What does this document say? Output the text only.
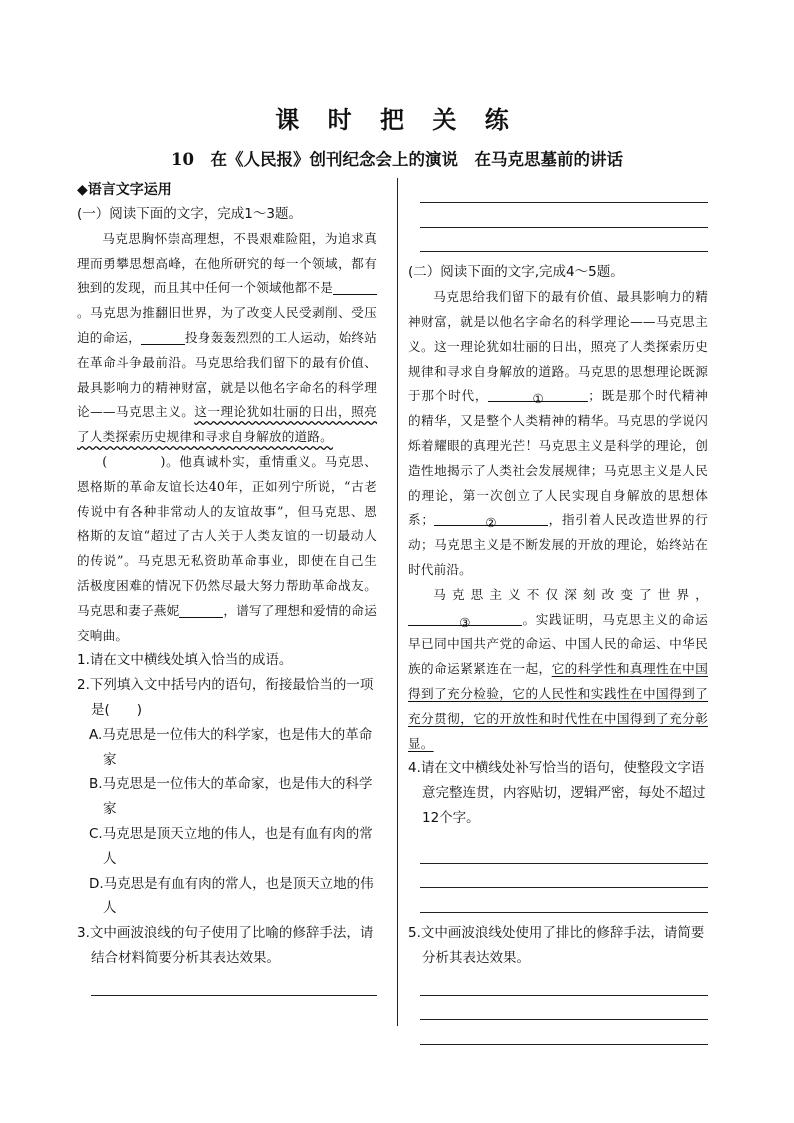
课 时 把 关 练
10　在《人民报》创刊纪念会上的演说　在马克思墓前的讲话
◆语言文字运用
(一）阅读下面的文字，完成1～3题。
马克思胸怀崇高理想，不畏艰难险阻，为追求真理而勇攀思想高峰，在他所研究的每一个领域，都有独到的发现，而且其中任何一个领域他都不是。马克思为推翻旧世界，为了改变人民受剥削、受压迫的命运，	投身轰轰烈烈的工人运动，始终站在革命斗争最前沿。马克思给我们留下的最有价值、最具影响力的精神财富，就是以他名字命名的科学理论——马克思主义。这一理论犹如壮丽的日出，照亮了人类探索历史规律和寻求自身解放的道路。
(　　　　)。他真诚朴实，重情重义。马克思、恩格斯的革命友谊长达40年，正如列宁所说，“古老传说中有各种非常动人的友谊故事”，但马克思、恩格斯的友谊“超过了古人关于人类友谊的一切最动人的传说”。马克思无私资助革命事业，即使在自己生活极度困难的情况下仍然尽最大努力帮助革命战友。马克思和妻子燕妮	，谱写了理想和爱情的命运交响曲。
1.请在文中横线处填入恰当的成语。
2.下列填入文中括号内的语句，衔接最恰当的一项是(　　)
A.马克思是一位伟大的科学家，也是伟大的革命家
B.马克思是一位伟大的革命家，也是伟大的科学家
C.马克思是顶天立地的伟人，也是有血有肉的常人
D.马克思是有血有肉的常人，也是顶天立地的伟人
3.文中画波浪线的句子使用了比喻的修辞手法，请结合材料简要分析其表达效果。
(二）阅读下面的文字,完成4～5题。
马克思给我们留下的最有价值、最具影响力的精神财富，就是以他名字命名的科学理论——马克思主义。这一理论犹如壮丽的日出，照亮了人类探索历史规律和寻求自身解放的道路。马克思的思想理论既源于那个时代，	①	；既是那个时代精神的精华，又是整个人类精神的精华。马克思的学说闪烁着耀眼的真理光芒！马克思主义是科学的理论，创造性地揭示了人类社会发展规律；马克思主义是人民的理论，第一次创立了人民实现自身解放的思想体系；	②	，指引着人民改造世界的行动；马克思主义是不断发展的开放的理论，始终站在时代前沿。
马克思主义不仅深刻改变了世界，③	。实践证明，马克思主义的命运早已同中国共产党的命运、中国人民的命运、中华民族的命运紧紧连在一起，它的科学性和真理性在中国得到了充分检验，它的人民性和实践性在中国得到了充分贯彻，它的开放性和时代性在中国得到了充分彰显。
4.请在文中横线处补写恰当的语句，使整段文字语意完整连贯，内容贴切，逻辑严密，每处不超过12个字。
5.文中画波浪线处使用了排比的修辞手法，请简要分析其表达效果。
